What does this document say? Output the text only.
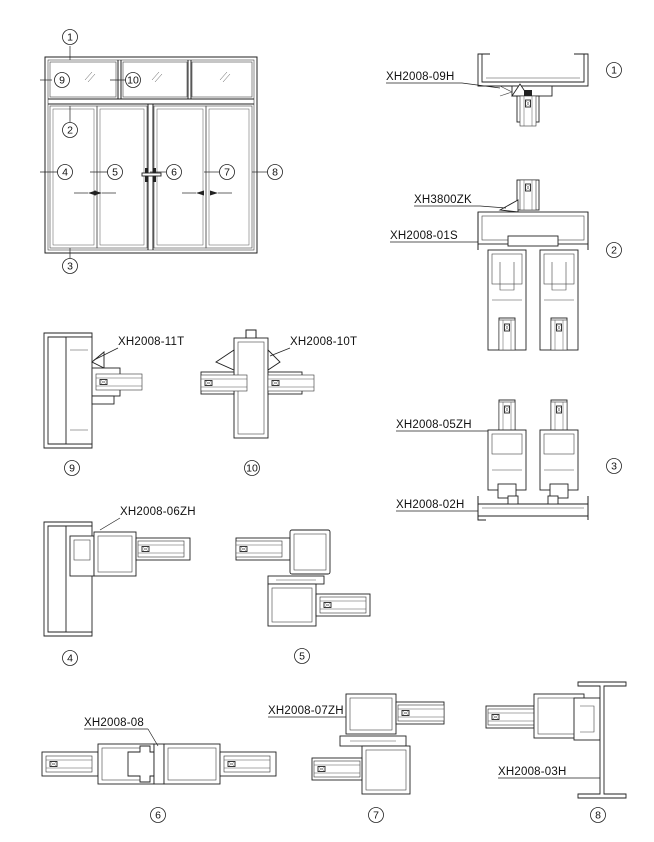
1
9	10
2
4	5	6	7	8
3
XH2008-09H
1
XH3800ZK
XH2008-01S
2
XH2008-05ZH
XH2008-02H
3
XH2008-11T
9
XH2008-10T
10
XH2008-06ZH
4	5
XH2008-08
6
XH2008-07ZH
7
XH2008-03H
8
